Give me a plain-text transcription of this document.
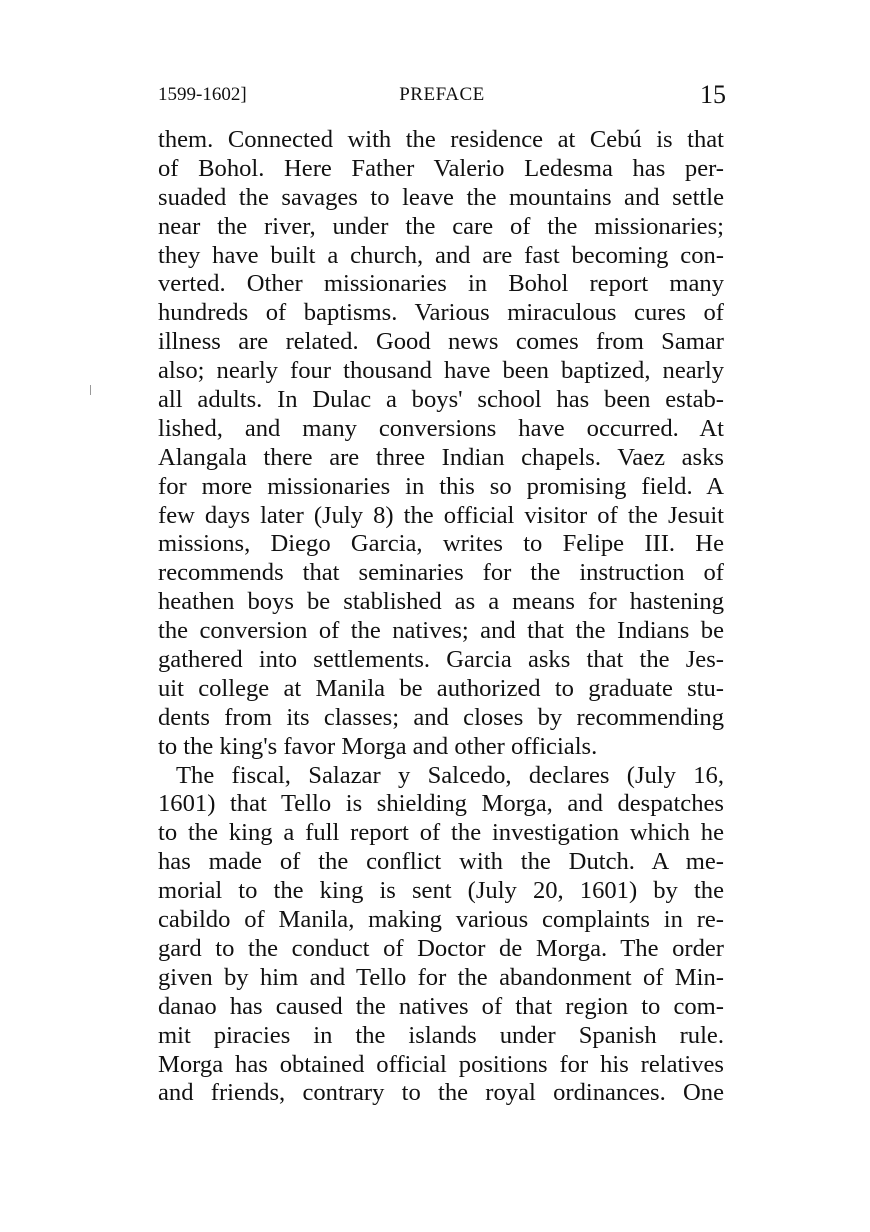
1599-1602]	PREFACE	15
them. Connected with the residence at Cebú is that
of Bohol. Here Father Valerio Ledesma has per-
suaded the savages to leave the mountains and settle
near the river, under the care of the missionaries;
they have built a church, and are fast becoming con-
verted. Other missionaries in Bohol report many
hundreds of baptisms. Various miraculous cures of
illness are related. Good news comes from Samar
also; nearly four thousand have been baptized, nearly
all adults. In Dulac a boys' school has been estab-
lished, and many conversions have occurred. At
Alangala there are three Indian chapels. Vaez asks
for more missionaries in this so promising field. A
few days later (July 8) the official visitor of the Jesuit
missions, Diego Garcia, writes to Felipe III. He
recommends that seminaries for the instruction of
heathen boys be stablished as a means for hastening
the conversion of the natives; and that the Indians be
gathered into settlements. Garcia asks that the Jes-
uit college at Manila be authorized to graduate stu-
dents from its classes; and closes by recommending
to the king's favor Morga and other officials.
The fiscal, Salazar y Salcedo, declares (July 16,
1601) that Tello is shielding Morga, and despatches
to the king a full report of the investigation which he
has made of the conflict with the Dutch. A me-
morial to the king is sent (July 20, 1601) by the
cabildo of Manila, making various complaints in re-
gard to the conduct of Doctor de Morga. The order
given by him and Tello for the abandonment of Min-
danao has caused the natives of that region to com-
mit piracies in the islands under Spanish rule.
Morga has obtained official positions for his relatives
and friends, contrary to the royal ordinances. One
